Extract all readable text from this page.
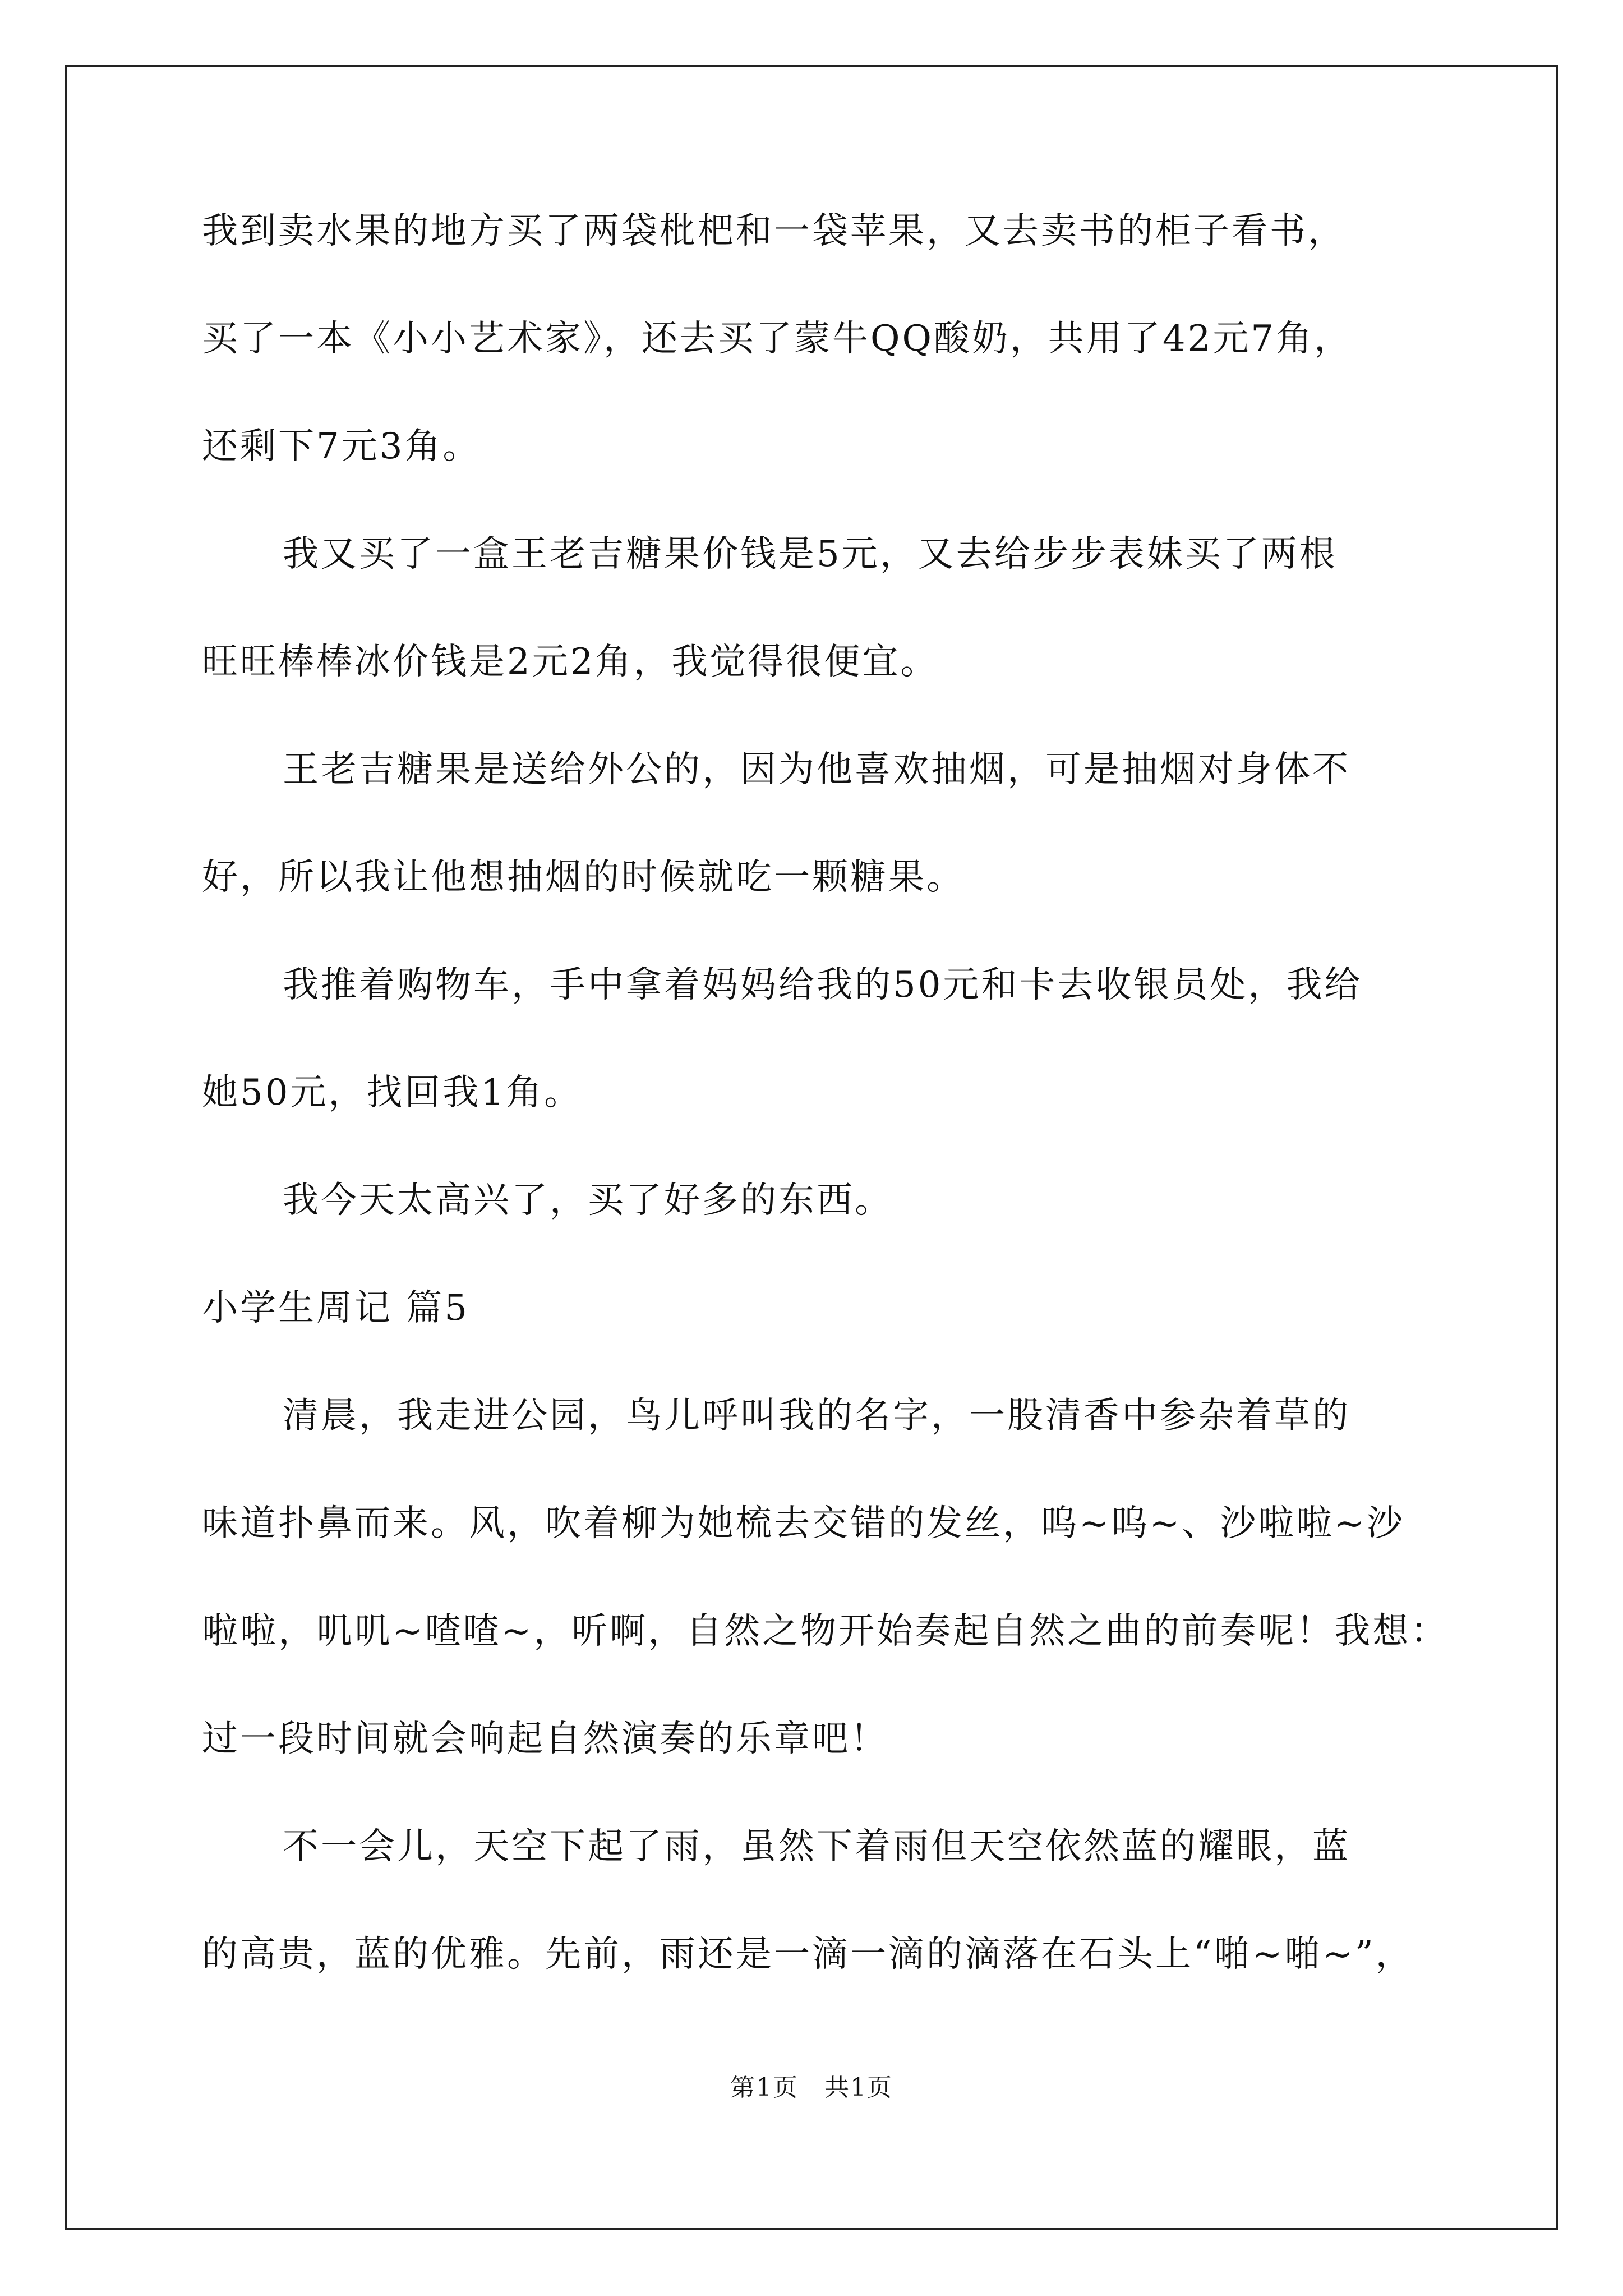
我到卖水果的地方买了两袋枇杷和一袋苹果，又去卖书的柜子看书，

买了一本《小小艺术家》，还去买了蒙牛QQ酸奶，共用了42元7角，

还剩下7元3角。

我又买了一盒王老吉糖果价钱是5元，又去给步步表妹买了两根

旺旺棒棒冰价钱是2元2角，我觉得很便宜。

王老吉糖果是送给外公的，因为他喜欢抽烟，可是抽烟对身体不

好，所以我让他想抽烟的时候就吃一颗糖果。

我推着购物车，手中拿着妈妈给我的50元和卡去收银员处，我给

她50元，找回我1角。

我今天太高兴了，买了好多的东西。

小学生周记 篇5

清晨，我走进公园，鸟儿呼叫我的名字，一股清香中参杂着草的

味道扑鼻而来。风，吹着柳为她梳去交错的发丝，呜~呜~、沙啦啦~沙

啦啦，叽叽~喳喳~，听啊，自然之物开始奏起自然之曲的前奏呢！我想：

过一段时间就会响起自然演奏的乐章吧！

不一会儿，天空下起了雨，虽然下着雨但天空依然蓝的耀眼，蓝

的高贵，蓝的优雅。先前，雨还是一滴一滴的滴落在石头上“啪~啪~”，

第1页　共1页
